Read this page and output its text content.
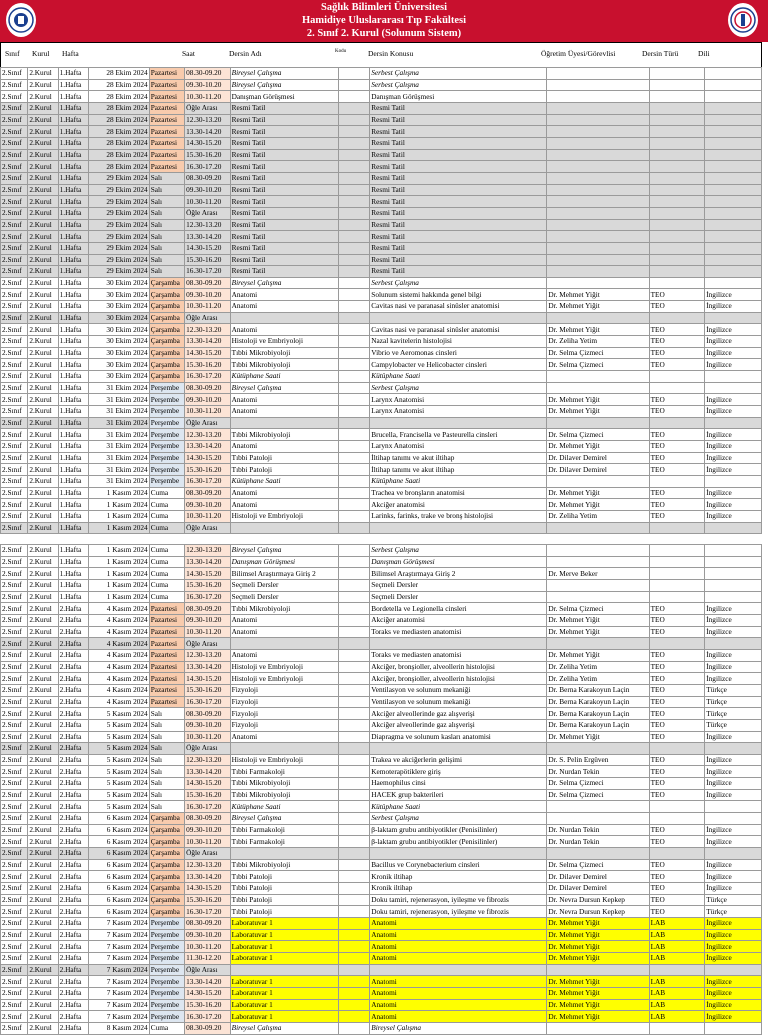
Sağlık Bilimleri Üniversitesi
Hamidiye Uluslararası Tıp Fakültesi
2. Sınıf 2. Kurul (Solunum Sistem)
Sınıf Kurul Hafta	Saat	Dersin Adı	Kodu	Dersin Konusu	Öğretim Üyesi/Görevlisi	Dersin Türü	Dili
2.Sınıf	2.Kurul	1.Hafta	28 Ekim 2024	Pazartesi	08.30-09.20	Bireysel Çalışma		Serbest Çalışma			
2.Sınıf	2.Kurul	1.Hafta	28 Ekim 2024	Pazartesi	09.30-10.20	Bireysel Çalışma		Serbest Çalışma			
2.Sınıf	2.Kurul	1.Hafta	28 Ekim 2024	Pazartesi	10.30-11.20	Danışman Görüşmesi		Danışman Görüşmesi			
2.Sınıf	2.Kurul	1.Hafta	28 Ekim 2024	Pazartesi	Öğle Arası	Resmi Tatil		Resmi Tatil			
2.Sınıf	2.Kurul	1.Hafta	28 Ekim 2024	Pazartesi	12.30-13.20	Resmi Tatil		Resmi Tatil			
2.Sınıf	2.Kurul	1.Hafta	28 Ekim 2024	Pazartesi	13.30-14.20	Resmi Tatil		Resmi Tatil			
2.Sınıf	2.Kurul	1.Hafta	28 Ekim 2024	Pazartesi	14.30-15.20	Resmi Tatil		Resmi Tatil			
2.Sınıf	2.Kurul	1.Hafta	28 Ekim 2024	Pazartesi	15.30-16.20	Resmi Tatil		Resmi Tatil			
2.Sınıf	2.Kurul	1.Hafta	28 Ekim 2024	Pazartesi	16.30-17.20	Resmi Tatil		Resmi Tatil			
2.Sınıf	2.Kurul	1.Hafta	29 Ekim 2024	Salı	08.30-09.20	Resmi Tatil		Resmi Tatil			
2.Sınıf	2.Kurul	1.Hafta	29 Ekim 2024	Salı	09.30-10.20	Resmi Tatil		Resmi Tatil			
2.Sınıf	2.Kurul	1.Hafta	29 Ekim 2024	Salı	10.30-11.20	Resmi Tatil		Resmi Tatil			
2.Sınıf	2.Kurul	1.Hafta	29 Ekim 2024	Salı	Öğle Arası	Resmi Tatil		Resmi Tatil			
2.Sınıf	2.Kurul	1.Hafta	29 Ekim 2024	Salı	12.30-13.20	Resmi Tatil		Resmi Tatil			
2.Sınıf	2.Kurul	1.Hafta	29 Ekim 2024	Salı	13.30-14.20	Resmi Tatil		Resmi Tatil			
2.Sınıf	2.Kurul	1.Hafta	29 Ekim 2024	Salı	14.30-15.20	Resmi Tatil		Resmi Tatil			
2.Sınıf	2.Kurul	1.Hafta	29 Ekim 2024	Salı	15.30-16.20	Resmi Tatil		Resmi Tatil			
2.Sınıf	2.Kurul	1.Hafta	29 Ekim 2024	Salı	16.30-17.20	Resmi Tatil		Resmi Tatil			
2.Sınıf	2.Kurul	1.Hafta	30 Ekim 2024	Çarşamba	08.30-09.20	Bireysel Çalışma		Serbest Çalışma			
2.Sınıf	2.Kurul	1.Hafta	30 Ekim 2024	Çarşamba	09.30-10.20	Anatomi		Solunum sistemi hakkında genel bilgi	Dr. Mehmet Yiğit	TEO	İngilizce
2.Sınıf	2.Kurul	1.Hafta	30 Ekim 2024	Çarşamba	10.30-11.20	Anatomi		Cavitas nasi ve paranasal sinüsler anatomisi	Dr. Mehmet Yiğit	TEO	İngilizce
2.Sınıf	2.Kurul	1.Hafta	30 Ekim 2024	Çarşamba	Öğle Arası						
2.Sınıf	2.Kurul	1.Hafta	30 Ekim 2024	Çarşamba	12.30-13.20	Anatomi		Cavitas nasi ve paranasal sinüsler anatomisi	Dr. Mehmet Yiğit	TEO	İngilizce
2.Sınıf	2.Kurul	1.Hafta	30 Ekim 2024	Çarşamba	13.30-14.20	Histoloji ve Embriyoloji		Nazal kavitelerin histolojisi	Dr. Zeliha Yetim	TEO	İngilizce
2.Sınıf	2.Kurul	1.Hafta	30 Ekim 2024	Çarşamba	14.30-15.20	Tıbbi Mikrobiyoloji		Vibrio ve Aeromonas cinsleri	Dr. Selma Çizmeci	TEO	İngilizce
2.Sınıf	2.Kurul	1.Hafta	30 Ekim 2024	Çarşamba	15.30-16.20	Tıbbi Mikrobiyoloji		Campylobacter ve Helicobacter cinsleri	Dr. Selma Çizmeci	TEO	İngilizce
2.Sınıf	2.Kurul	1.Hafta	30 Ekim 2024	Çarşamba	16.30-17.20	Kütüphane Saati		Kütüphane Saati			
2.Sınıf	2.Kurul	1.Hafta	31 Ekim 2024	Perşembe	08.30-09.20	Bireysel Çalışma		Serbest Çalışma			
2.Sınıf	2.Kurul	1.Hafta	31 Ekim 2024	Perşembe	09.30-10.20	Anatomi		Larynx Anatomisi	Dr. Mehmet Yiğit	TEO	İngilizce
2.Sınıf	2.Kurul	1.Hafta	31 Ekim 2024	Perşembe	10.30-11.20	Anatomi		Larynx Anatomisi	Dr. Mehmet Yiğit	TEO	İngilizce
2.Sınıf	2.Kurul	1.Hafta	31 Ekim 2024	Perşembe	Öğle Arası						
2.Sınıf	2.Kurul	1.Hafta	31 Ekim 2024	Perşembe	12.30-13.20	Tıbbi Mikrobiyoloji		Brucella, Francisella ve Pasteurella cinsleri	Dr. Selma Çizmeci	TEO	İngilizce
2.Sınıf	2.Kurul	1.Hafta	31 Ekim 2024	Perşembe	13.30-14.20	Anatomi		Larynx Anatomisi	Dr. Mehmet Yiğit	TEO	İngilizce
2.Sınıf	2.Kurul	1.Hafta	31 Ekim 2024	Perşembe	14.30-15.20	Tıbbi Patoloji		İltihap tanımı ve akut iltihap	Dr. Dilaver Demirel	TEO	İngilizce
2.Sınıf	2.Kurul	1.Hafta	31 Ekim 2024	Perşembe	15.30-16.20	Tıbbi Patoloji		İltihap tanımı ve akut iltihap	Dr. Dilaver Demirel	TEO	İngilizce
2.Sınıf	2.Kurul	1.Hafta	31 Ekim 2024	Perşembe	16.30-17.20	Kütüphane Saati		Kütüphane Saati			
2.Sınıf	2.Kurul	1.Hafta	1 Kasım 2024	Cuma	08.30-09.20	Anatomi		Trachea ve bronşların anatomisi	Dr. Mehmet Yiğit	TEO	İngilizce
2.Sınıf	2.Kurul	1.Hafta	1 Kasım 2024	Cuma	09.30-10.20	Anatomi		Akciğer anatomisi	Dr. Mehmet Yiğit	TEO	İngilizce
2.Sınıf	2.Kurul	1.Hafta	1 Kasım 2024	Cuma	10.30-11.20	Histoloji ve Embriyoloji		Larinks, farinks, trake ve bronş histolojisi	Dr. Zeliha Yetim	TEO	İngilizce
2.Sınıf	2.Kurul	1.Hafta	1 Kasım 2024	Cuma	Öğle Arası						
2.Sınıf	2.Kurul	1.Hafta	1 Kasım 2024	Cuma	12.30-13.20	Bireysel Çalışma		Serbest Çalışma			
2.Sınıf	2.Kurul	1.Hafta	1 Kasım 2024	Cuma	13.30-14.20	Danışman Görüşmesi		Danışman Görüşmesi			
2.Sınıf	2.Kurul	1.Hafta	1 Kasım 2024	Cuma	14.30-15.20	Bilimsel Araştırmaya Giriş 2		Bilimsel Araştırmaya Giriş 2	Dr. Merve Beker		
2.Sınıf	2.Kurul	1.Hafta	1 Kasım 2024	Cuma	15.30-16.20	Seçmeli Dersler		Seçmeli Dersler			
2.Sınıf	2.Kurul	1.Hafta	1 Kasım 2024	Cuma	16.30-17.20	Seçmeli Dersler		Seçmeli Dersler			
2.Sınıf	2.Kurul	2.Hafta	4 Kasım 2024	Pazartesi	08.30-09.20	Tıbbi Mikrobiyoloji		Bordetella ve Legionella cinsleri	Dr. Selma Çizmeci	TEO	İngilizce
2.Sınıf	2.Kurul	2.Hafta	4 Kasım 2024	Pazartesi	09.30-10.20	Anatomi		Akciğer anatomisi	Dr. Mehmet Yiğit	TEO	İngilizce
2.Sınıf	2.Kurul	2.Hafta	4 Kasım 2024	Pazartesi	10.30-11.20	Anatomi		Toraks ve mediasten anatomisi	Dr. Mehmet Yiğit	TEO	İngilizce
2.Sınıf	2.Kurul	2.Hafta	4 Kasım 2024	Pazartesi	Öğle Arası						
2.Sınıf	2.Kurul	2.Hafta	4 Kasım 2024	Pazartesi	12.30-13.20	Anatomi		Toraks ve mediasten anatomisi	Dr. Mehmet Yiğit	TEO	İngilizce
2.Sınıf	2.Kurul	2.Hafta	4 Kasım 2024	Pazartesi	13.30-14.20	Histoloji ve Embriyoloji		Akciğer, bronşioller, alveollerin histolojisi	Dr. Zeliha Yetim	TEO	İngilizce
2.Sınıf	2.Kurul	2.Hafta	4 Kasım 2024	Pazartesi	14.30-15.20	Histoloji ve Embriyoloji		Akciğer, bronşioller, alveollerin histolojisi	Dr. Zeliha Yetim	TEO	İngilizce
2.Sınıf	2.Kurul	2.Hafta	4 Kasım 2024	Pazartesi	15.30-16.20	Fizyoloji		Ventilasyon ve solunum mekaniği	Dr. Berna Karakoyun Laçin	TEO	Türkçe
2.Sınıf	2.Kurul	2.Hafta	4 Kasım 2024	Pazartesi	16.30-17.20	Fizyoloji		Ventilasyon ve solunum mekaniği	Dr. Berna Karakoyun Laçin	TEO	Türkçe
2.Sınıf	2.Kurul	2.Hafta	5 Kasım 2024	Salı	08.30-09.20	Fizyoloji		Akciğer alveollerinde gaz alışverişi	Dr. Berna Karakoyun Laçin	TEO	Türkçe
2.Sınıf	2.Kurul	2.Hafta	5 Kasım 2024	Salı	09.30-10.20	Fizyoloji		Akciğer alveollerinde gaz alışverişi	Dr. Berna Karakoyun Laçin	TEO	Türkçe
2.Sınıf	2.Kurul	2.Hafta	5 Kasım 2024	Salı	10.30-11.20	Anatomi		Diapragma ve solunum kasları anatomisi	Dr. Mehmet Yiğit	TEO	İngilizce
2.Sınıf	2.Kurul	2.Hafta	5 Kasım 2024	Salı	Öğle Arası						
2.Sınıf	2.Kurul	2.Hafta	5 Kasım 2024	Salı	12.30-13.20	Histoloji ve Embriyoloji		Trakea ve akciğerlerin gelişimi	Dr. S. Pelin Ergüven	TEO	İngilizce
2.Sınıf	2.Kurul	2.Hafta	5 Kasım 2024	Salı	13.30-14.20	Tıbbi Farmakoloji		Kemoterapötiklere giriş	Dr. Nurdan Tekin	TEO	İngilizce
2.Sınıf	2.Kurul	2.Hafta	5 Kasım 2024	Salı	14.30-15.20	Tıbbi Mikrobiyoloji		Haemophilus cinsi	Dr. Selma Çizmeci	TEO	İngilizce
2.Sınıf	2.Kurul	2.Hafta	5 Kasım 2024	Salı	15.30-16.20	Tıbbi Mikrobiyoloji		HACEK grup bakterileri	Dr. Selma Çizmeci	TEO	İngilizce
2.Sınıf	2.Kurul	2.Hafta	5 Kasım 2024	Salı	16.30-17.20	Kütüphane Saati		Kütüphane Saati			
2.Sınıf	2.Kurul	2.Hafta	6 Kasım 2024	Çarşamba	08.30-09.20	Bireysel Çalışma		Serbest Çalışma			
2.Sınıf	2.Kurul	2.Hafta	6 Kasım 2024	Çarşamba	09.30-10.20	Tıbbi Farmakoloji		β-laktam grubu antibiyotikler (Penisilinler)	Dr. Nurdan Tekin	TEO	İngilizce
2.Sınıf	2.Kurul	2.Hafta	6 Kasım 2024	Çarşamba	10.30-11.20	Tıbbi Farmakoloji		β-laktam grubu antibiyotikler (Penisilinler)	Dr. Nurdan Tekin	TEO	İngilizce
2.Sınıf	2.Kurul	2.Hafta	6 Kasım 2024	Çarşamba	Öğle Arası						
2.Sınıf	2.Kurul	2.Hafta	6 Kasım 2024	Çarşamba	12.30-13.20	Tıbbi Mikrobiyoloji		Bacillus ve Corynebacterium cinsleri	Dr. Selma Çizmeci	TEO	İngilizce
2.Sınıf	2.Kurul	2.Hafta	6 Kasım 2024	Çarşamba	13.30-14.20	Tıbbi Patoloji		Kronik iltihap	Dr. Dilaver Demirel	TEO	İngilizce
2.Sınıf	2.Kurul	2.Hafta	6 Kasım 2024	Çarşamba	14.30-15.20	Tıbbi Patoloji		Kronik iltihap	Dr. Dilaver Demirel	TEO	İngilizce
2.Sınıf	2.Kurul	2.Hafta	6 Kasım 2024	Çarşamba	15.30-16.20	Tıbbi Patoloji		Doku tamiri, rejenerasyon, iyileşme ve fibrozis	Dr. Nevra Dursun Kepkep	TEO	Türkçe
2.Sınıf	2.Kurul	2.Hafta	6 Kasım 2024	Çarşamba	16.30-17.20	Tıbbi Patoloji		Doku tamiri, rejenerasyon, iyileşme ve fibrozis	Dr. Nevra Dursun Kepkep	TEO	Türkçe
2.Sınıf	2.Kurul	2.Hafta	7 Kasım 2024	Perşembe	08.30-09.20	Laboratuvar 1		Anatomi	Dr. Mehmet Yiğit	LAB	İngilizce
2.Sınıf	2.Kurul	2.Hafta	7 Kasım 2024	Perşembe	09.30-10.20	Laboratuvar 1		Anatomi	Dr. Mehmet Yiğit	LAB	İngilizce
2.Sınıf	2.Kurul	2.Hafta	7 Kasım 2024	Perşembe	10.30-11.20	Laboratuvar 1		Anatomi	Dr. Mehmet Yiğit	LAB	İngilizce
2.Sınıf	2.Kurul	2.Hafta	7 Kasım 2024	Perşembe	11.30-12.20	Laboratuvar 1		Anatomi	Dr. Mehmet Yiğit	LAB	İngilizce
2.Sınıf	2.Kurul	2.Hafta	7 Kasım 2024	Perşembe	Öğle Arası						
2.Sınıf	2.Kurul	2.Hafta	7 Kasım 2024	Perşembe	13.30-14.20	Laboratuvar 1		Anatomi	Dr. Mehmet Yiğit	LAB	İngilizce
2.Sınıf	2.Kurul	2.Hafta	7 Kasım 2024	Perşembe	14.30-15.20	Laboratuvar 1		Anatomi	Dr. Mehmet Yiğit	LAB	İngilizce
2.Sınıf	2.Kurul	2.Hafta	7 Kasım 2024	Perşembe	15.30-16.20	Laboratuvar 1		Anatomi	Dr. Mehmet Yiğit	LAB	İngilizce
2.Sınıf	2.Kurul	2.Hafta	7 Kasım 2024	Perşembe	16.30-17.20	Laboratuvar 1		Anatomi	Dr. Mehmet Yiğit	LAB	İngilizce
2.Sınıf	2.Kurul	2.Hafta	8 Kasım 2024	Cuma	08.30-09.20	Bireysel Çalışma		Bireysel Çalışma			
